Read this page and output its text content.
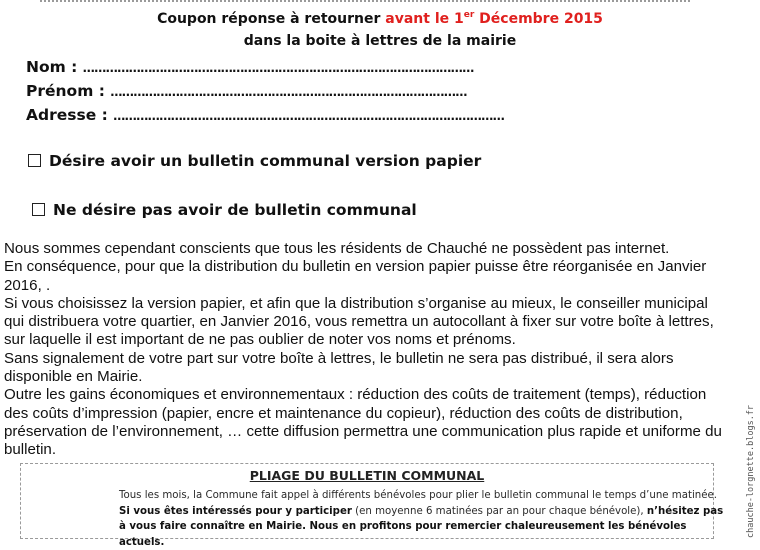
Coupon réponse à retourner avant le 1er Décembre 2015
dans la boite à lettres de la mairie
Nom : …………………………………………………………………………………………
Prénom : …………………………………………………………………………………
Adresse : …………………………………………………………………………………………
Désire avoir un bulletin communal version papier
Ne désire pas avoir de bulletin communal

Nous sommes cependant conscients que tous les résidents de Chauché ne possèdent pas internet.

En conséquence, pour que la distribution du bulletin en version papier puisse être réorganisée en Janvier 2016, .

Si vous choisissez la version papier, et afin que la distribution s’organise au mieux, le conseiller municipal qui distribuera votre quartier, en Janvier 2016, vous remettra un autocollant à fixer sur votre boîte à lettres, sur laquelle il est important de ne pas oublier de noter vos noms et prénoms.

Sans signalement de votre part sur votre boîte à lettres, le bulletin ne sera pas distribué, il sera alors disponible en Mairie.

Outre les gains économiques et environnementaux : réduction des coûts de traitement (temps), réduction des coûts d’impression (papier, encre et maintenance du copieur), réduction des coûts de distribution, préservation de l’environnement, … cette diffusion permettra une communication plus rapide et uniforme du bulletin.

PLIAGE DU BULLETIN COMMUNAL
Tous les mois, la Commune fait appel à différents bénévoles pour plier le bulletin communal le temps d’une matinée. Si vous êtes intéressés pour y participer (en moyenne 6 matinées par an pour chaque bénévole), n’hésitez pas à vous faire connaître en Mairie. Nous en profitons pour remercier chaleureusement les bénévoles actuels.
chauche-lorgnette.blogs.fr
